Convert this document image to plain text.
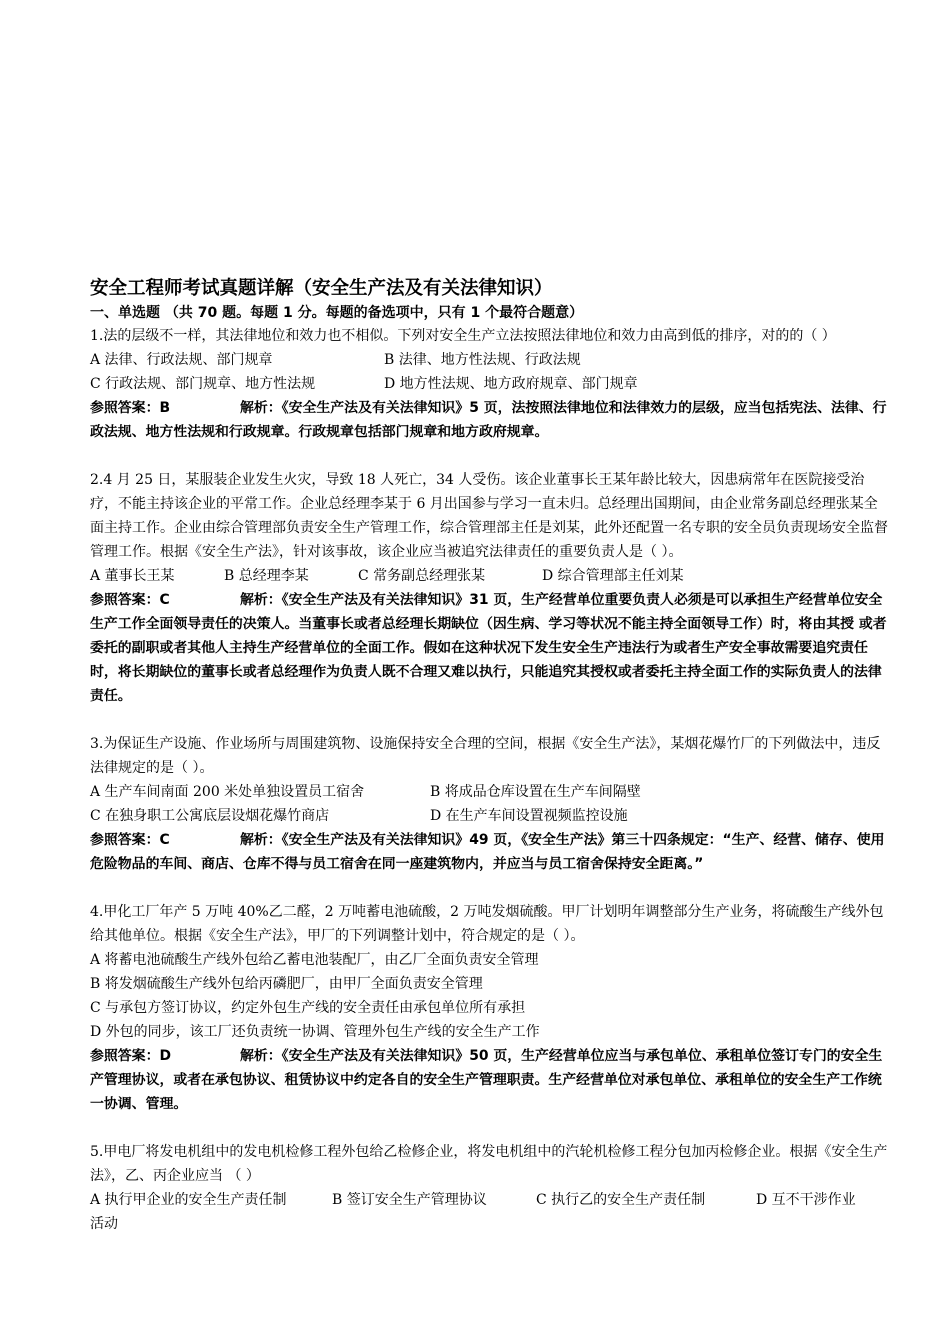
安全工程师考试真题详解（安全生产法及有关法律知识）

一、单选题 （共 70 题。每题 1 分。每题的备选项中，只有 1 个最符合题意）

1.法的层级不一样，其法律地位和效力也不相似。下列对安全生产立法按照法律地位和效力由高到低的排序，对的的（ ）

A 法律、行政法规、部门规章	B 法律、地方性法规、行政法规
C 行政法规、部门规章、地方性法规	D 地方性法规、地方政府规章、部门规章

参照答案：B	解析：《安全生产法及有关法律知识》5 页，法按照法律地位和法律效力的层级，应当包括宪法、法律、行政法规、地方性法规和行政规章。行政规章包括部门规章和地方政府规章。

2.4 月 25 日，某服装企业发生火灾，导致 18 人死亡，34 人受伤。该企业董事长王某年龄比较大，因患病常年在医院接受治疗，不能主持该企业的平常工作。企业总经理李某于 6 月出国参与学习一直未归。总经理出国期间，由企业常务副总经理张某全面主持工作。企业由综合管理部负责安全生产管理工作，综合管理部主任是刘某，此外还配置一名专职的安全员负责现场安全监督管理工作。根据《安全生产法》，针对该事故，该企业应当被追究法律责任的重要负责人是（ ）。

A 董事长王某	B 总经理李某	C 常务副总经理张某	D 综合管理部主任刘某

参照答案：C	解析：《安全生产法及有关法律知识》31 页，生产经营单位重要负责人必须是可以承担生产经营单位安全生产工作全面领导责任的决策人。当董事长或者总经理长期缺位（因生病、学习等状况不能主持全面领导工作）时，将由其授 或者委托的副职或者其他人主持生产经营单位的全面工作。假如在这种状况下发生安全生产违法行为或者生产安全事故需要追究责任时，将长期缺位的董事长或者总经理作为负责人既不合理又难以执行，只能追究其授权或者委托主持全面工作的实际负责人的法律责任。

3.为保证生产设施、作业场所与周围建筑物、设施保持安全合理的空间，根据《安全生产法》，某烟花爆竹厂的下列做法中，违反法律规定的是（ ）。

A 生产车间南面 200 米处单独设置员工宿舍	B 将成品仓库设置在生产车间隔壁
C 在独身职工公寓底层设烟花爆竹商店	D 在生产车间设置视频监控设施

参照答案：C	解析：《安全生产法及有关法律知识》49 页，《安全生产法》第三十四条规定：“生产、经营、储存、使用危险物品的车间、商店、仓库不得与员工宿舍在同一座建筑物内，并应当与员工宿舍保持安全距离。”

4.甲化工厂年产 5 万吨 40%乙二醛，2 万吨蓄电池硫酸，2 万吨发烟硫酸。甲厂计划明年调整部分生产业务，将硫酸生产线外包给其他单位。根据《安全生产法》，甲厂的下列调整计划中，符合规定的是（ ）。

A 将蓄电池硫酸生产线外包给乙蓄电池装配厂，由乙厂全面负责安全管理
B 将发烟硫酸生产线外包给丙磷肥厂，由甲厂全面负责安全管理
C 与承包方签订协议，约定外包生产线的安全责任由承包单位所有承担
D 外包的同步，该工厂还负责统一协调、管理外包生产线的安全生产工作

参照答案：D	解析：《安全生产法及有关法律知识》50 页，生产经营单位应当与承包单位、承租单位签订专门的安全生产管理协议，或者在承包协议、租赁协议中约定各自的安全生产管理职责。生产经营单位对承包单位、承租单位的安全生产工作统一协调、管理。

5.甲电厂将发电机组中的发电机检修工程外包给乙检修企业，将发电机组中的汽轮机检修工程分包加丙检修企业。根据《安全生产法》，乙、丙企业应当 （ ）

A 执行甲企业的安全生产责任制	B 签订安全生产管理协议	C 执行乙的安全生产责任制	D 互不干涉作业
活动
